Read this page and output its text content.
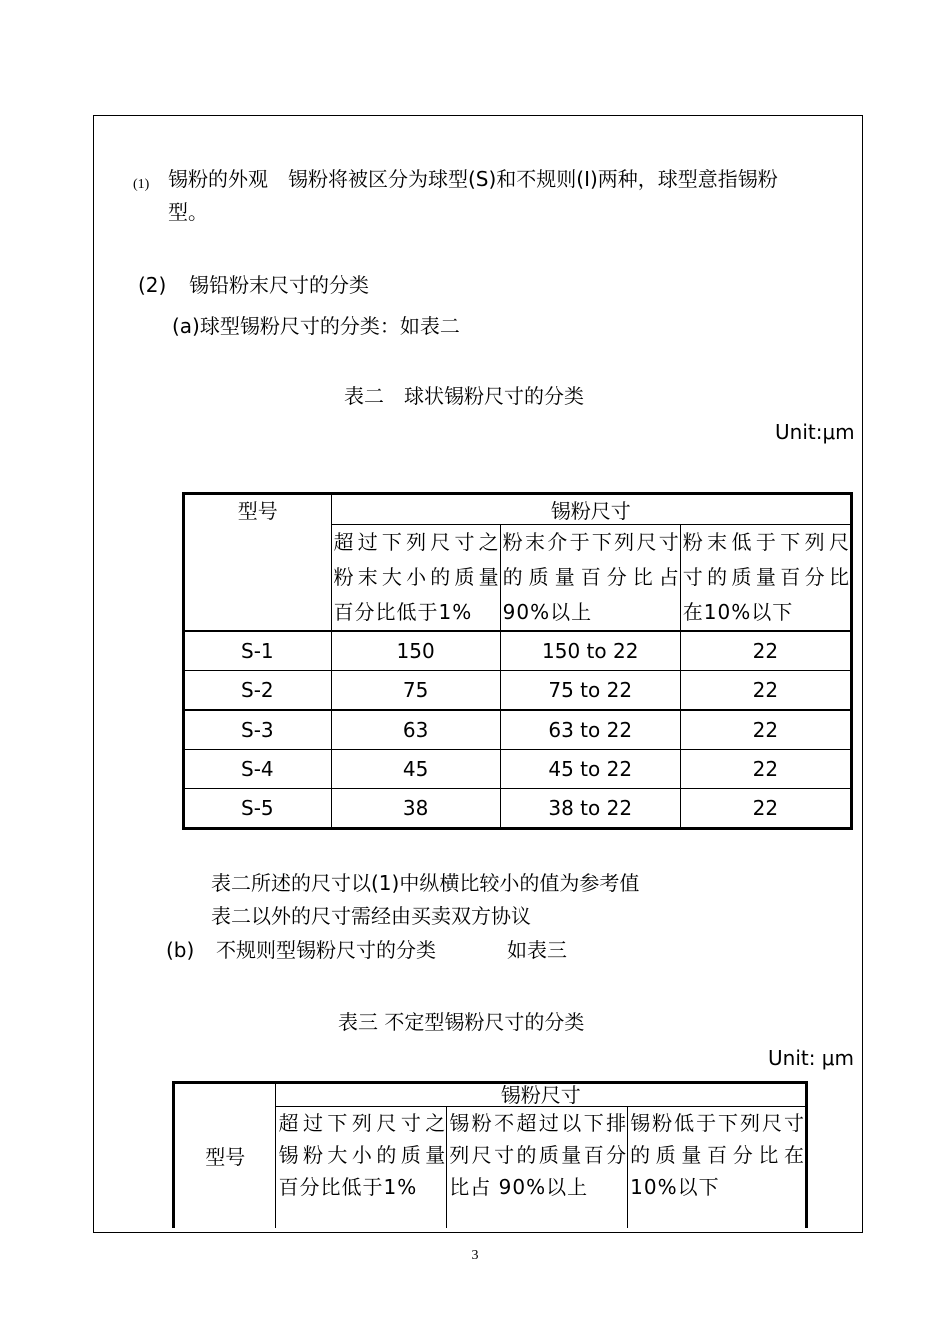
(1) 锡粉的外观　锡粉将被区分为球型(S)和不规则(I)两种，球型意指锡粉
型。
(2) 锡铅粉末尺寸的分类
(a)球型锡粉尺寸的分类：如表二
表二　球状锡粉尺寸的分类
Unit:μm
型号	锡粉尺寸		
	超过下列尺寸之粉末大小的质量百分比低于1%	粉末介于下列尺寸的质量百分比占90%以上	粉末低于下列尺寸的质量百分比在10%以下
S-1	150	150 to 22	22
S-2	75	75 to 22	22
S-3	63	63 to 22	22
S-4	45	45 to 22	22
S-5	38	38 to 22	22
表二所述的尺寸以(1)中纵横比较小的值为参考值
表二以外的尺寸需经由买卖双方协议
(b) 不规则型锡粉尺寸的分类	如表三
表三 不定型锡粉尺寸的分类
Unit: μm
型号	锡粉尺寸		
	超过下列尺寸之锡粉大小的质量百分比低于1%	锡粉不超过以下排列尺寸的质量百分比占 90%以上	锡粉低于下列尺寸的质量百分比在10%以下
3
